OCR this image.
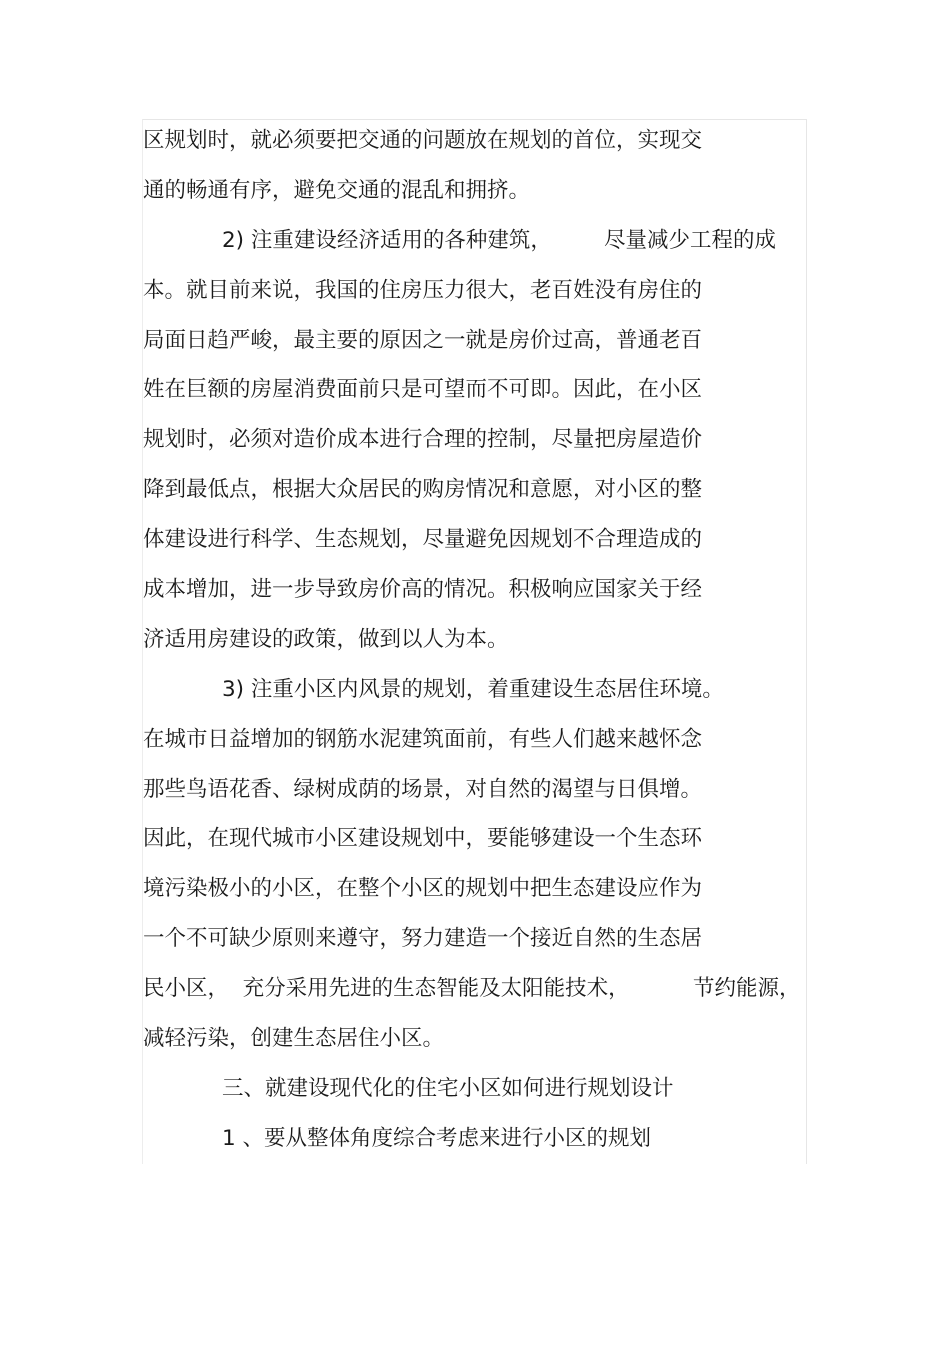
区规划时，就必须要把交通的问题放在规划的首位，实现交
通的畅通有序，避免交通的混乱和拥挤。
2) 注重建设经济适用的各种建筑， 尽量减少工程的成
本。就目前来说，我国的住房压力很大，老百姓没有房住的
局面日趋严峻，最主要的原因之一就是房价过高，普通老百
姓在巨额的房屋消费面前只是可望而不可即。因此，在小区
规划时，必须对造价成本进行合理的控制，尽量把房屋造价
降到最低点，根据大众居民的购房情况和意愿，对小区的整
体建设进行科学、生态规划，尽量避免因规划不合理造成的
成本增加，进一步导致房价高的情况。积极响应国家关于经
济适用房建设的政策，做到以人为本。
3) 注重小区内风景的规划，着重建设生态居住环境。
在城市日益增加的钢筋水泥建筑面前，有些人们越来越怀念
那些鸟语花香、绿树成荫的场景，对自然的渴望与日俱增。
因此，在现代城市小区建设规划中，要能够建设一个生态环
境污染极小的小区，在整个小区的规划中把生态建设应作为
一个不可缺少原则来遵守，努力建造一个接近自然的生态居
民小区，  充分采用先进的生态智能及太阳能技术，	节约能源，
减轻污染，创建生态居住小区。
三、就建设现代化的住宅小区如何进行规划设计
1 、要从整体角度综合考虑来进行小区的规划
